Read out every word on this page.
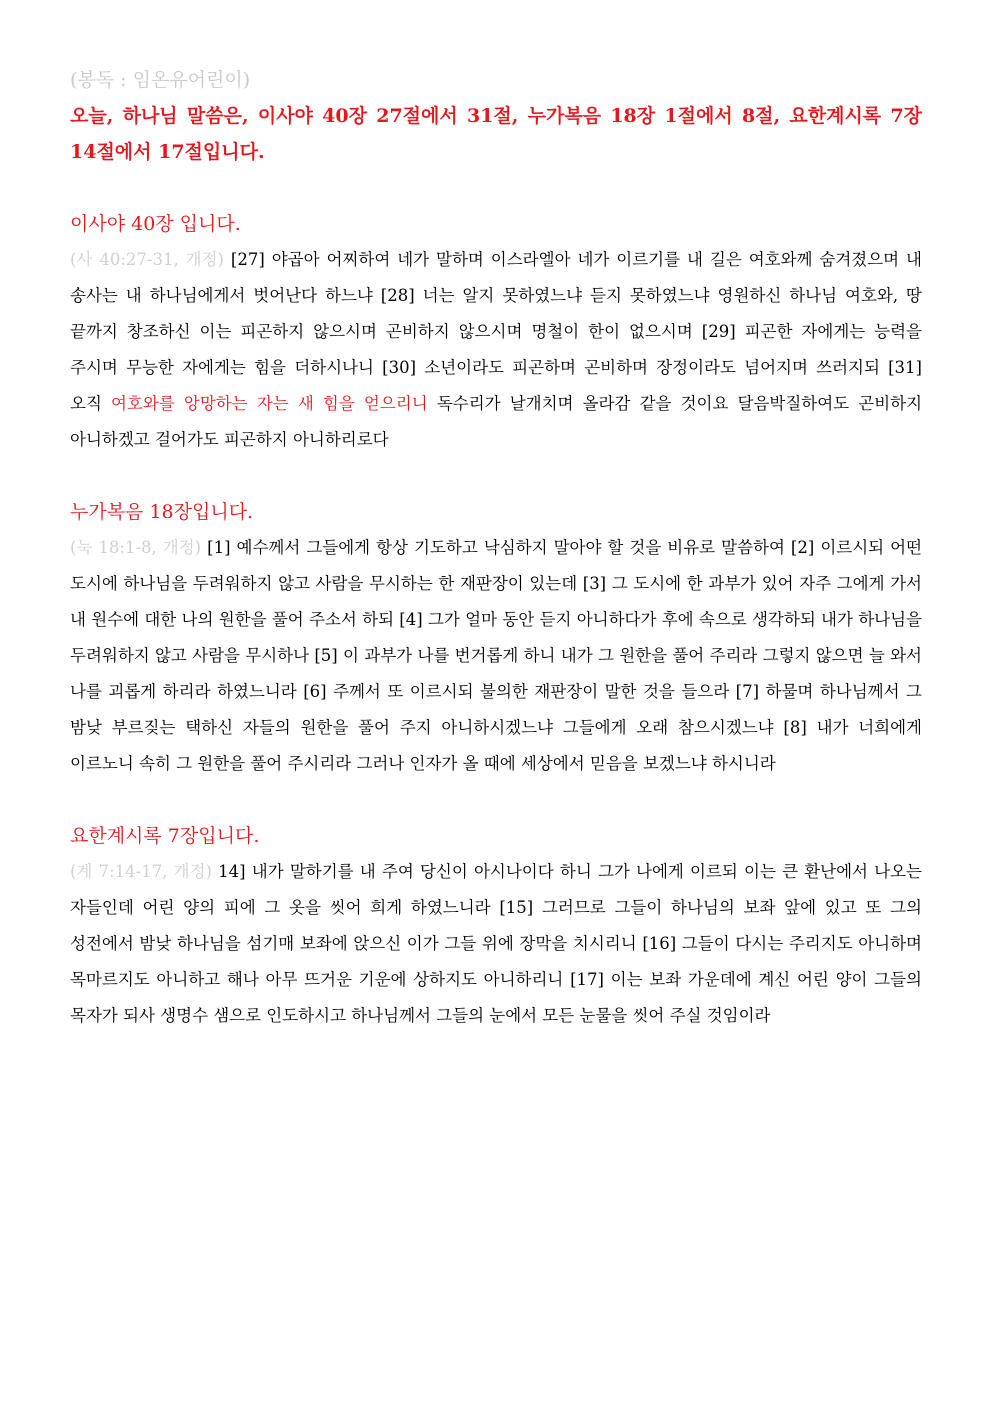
(봉독 : 임온유어린이)

오늘, 하나님 말씀은, 이사야 40장 27절에서 31절, 누가복음 18장 1절에서 8절, 요한계시록 7장 14절에서 17절입니다.

이사야 40장 입니다.

(사 40:27-31, 개정) [27] 야곱아 어찌하여 네가 말하며 이스라엘아 네가 이르기를 내 길은 여호와께 숨겨졌으며 내 송사는 내 하나님에게서 벗어난다 하느냐 [28] 너는 알지 못하였느냐 듣지 못하였느냐 영원하신 하나님 여호와, 땅 끝까지 창조하신 이는 피곤하지 않으시며 곤비하지 않으시며 명철이 한이 없으시며 [29] 피곤한 자에게는 능력을 주시며 무능한 자에게는 힘을 더하시나니 [30] 소년이라도 피곤하며 곤비하며 장정이라도 넘어지며 쓰러지되 [31] 오직 여호와를 앙망하는 자는 새 힘을 얻으리니 독수리가 날개치며 올라감 같을 것이요 달음박질하여도 곤비하지 아니하겠고 걸어가도 피곤하지 아니하리로다

누가복음 18장입니다.

(눅 18:1-8, 개정) [1] 예수께서 그들에게 항상 기도하고 낙심하지 말아야 할 것을 비유로 말씀하여 [2] 이르시되 어떤 도시에 하나님을 두려워하지 않고 사람을 무시하는 한 재판장이 있는데 [3] 그 도시에 한 과부가 있어 자주 그에게 가서 내 원수에 대한 나의 원한을 풀어 주소서 하되 [4] 그가 얼마 동안 듣지 아니하다가 후에 속으로 생각하되 내가 하나님을 두려워하지 않고 사람을 무시하나 [5] 이 과부가 나를 번거롭게 하니 내가 그 원한을 풀어 주리라 그렇지 않으면 늘 와서 나를 괴롭게 하리라 하였느니라 [6] 주께서 또 이르시되 불의한 재판장이 말한 것을 들으라 [7] 하물며 하나님께서 그 밤낮 부르짖는 택하신 자들의 원한을 풀어 주지 아니하시겠느냐 그들에게 오래 참으시겠느냐 [8] 내가 너희에게 이르노니 속히 그 원한을 풀어 주시리라 그러나 인자가 올 때에 세상에서 믿음을 보겠느냐 하시니라

요한계시록 7장입니다.

(계 7:14-17, 개정) 14] 내가 말하기를 내 주여 당신이 아시나이다 하니 그가 나에게 이르되 이는 큰 환난에서 나오는 자들인데 어린 양의 피에 그 옷을 씻어 희게 하였느니라 [15] 그러므로 그들이 하나님의 보좌 앞에 있고 또 그의 성전에서 밤낮 하나님을 섬기매 보좌에 앉으신 이가 그들 위에 장막을 치시리니 [16] 그들이 다시는 주리지도 아니하며 목마르지도 아니하고 해나 아무 뜨거운 기운에 상하지도 아니하리니 [17] 이는 보좌 가운데에 계신 어린 양이 그들의 목자가 되사 생명수 샘으로 인도하시고 하나님께서 그들의 눈에서 모든 눈물을 씻어 주실 것임이라
